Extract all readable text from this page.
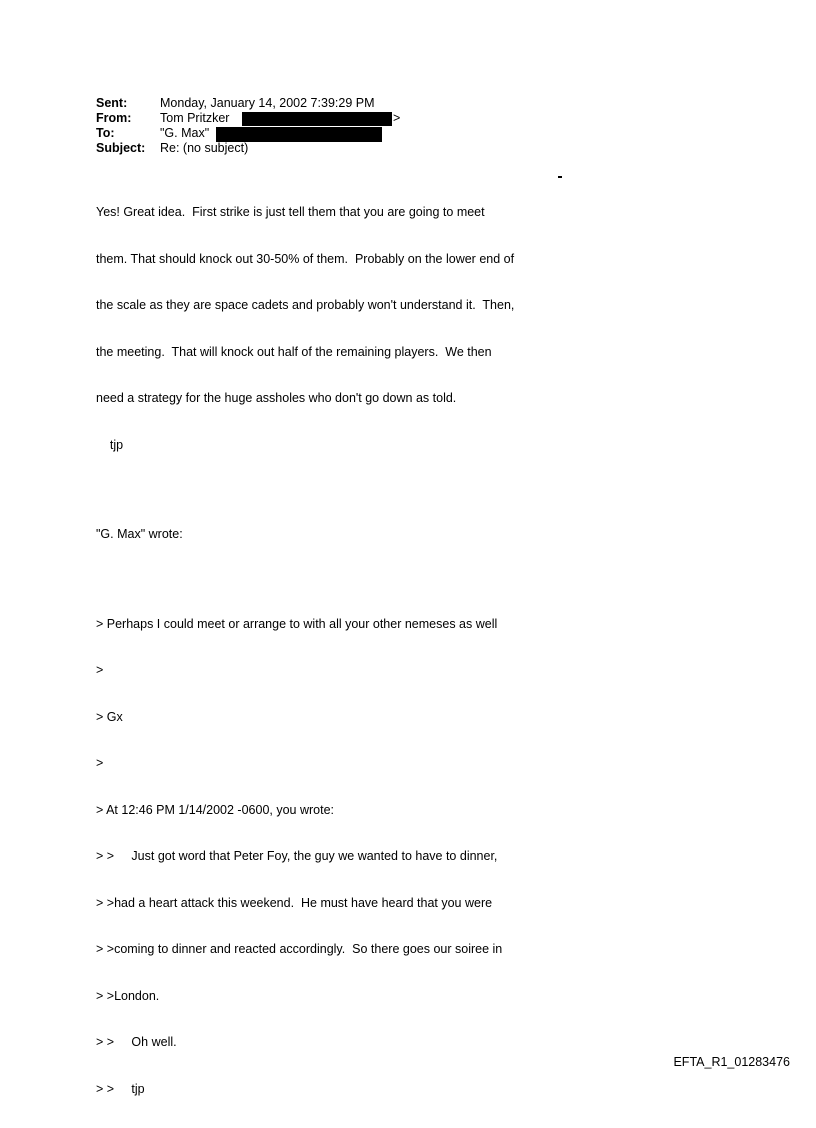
Sent:	Monday, January 14, 2002 7:39:29 PM
From: Tom Pritzker	>
To:	"G. Max"
Subject: Re: (no subject)

Yes! Great idea.  First strike is just tell them that you are going to meet

them. That should knock out 30-50% of them.  Probably on the lower end of

the scale as they are space cadets and probably won't understand it.  Then,

the meeting.  That will knock out half of the remaining players.  We then

need a strategy for the huge assholes who don't go down as told.

tjp

"G. Max" wrote:

> Perhaps I could meet or arrange to with all your other nemeses as well

>

> Gx

>

> At 12:46 PM 1/14/2002 -0600, you wrote:

> >     Just got word that Peter Foy, the guy we wanted to have to dinner,

> >had a heart attack this weekend.  He must have heard that you were

> >coming to dinner and reacted accordingly.  So there goes our soiree in

> >London.

> >     Oh well.

> >     tjp

EFTA_R1_01283476
